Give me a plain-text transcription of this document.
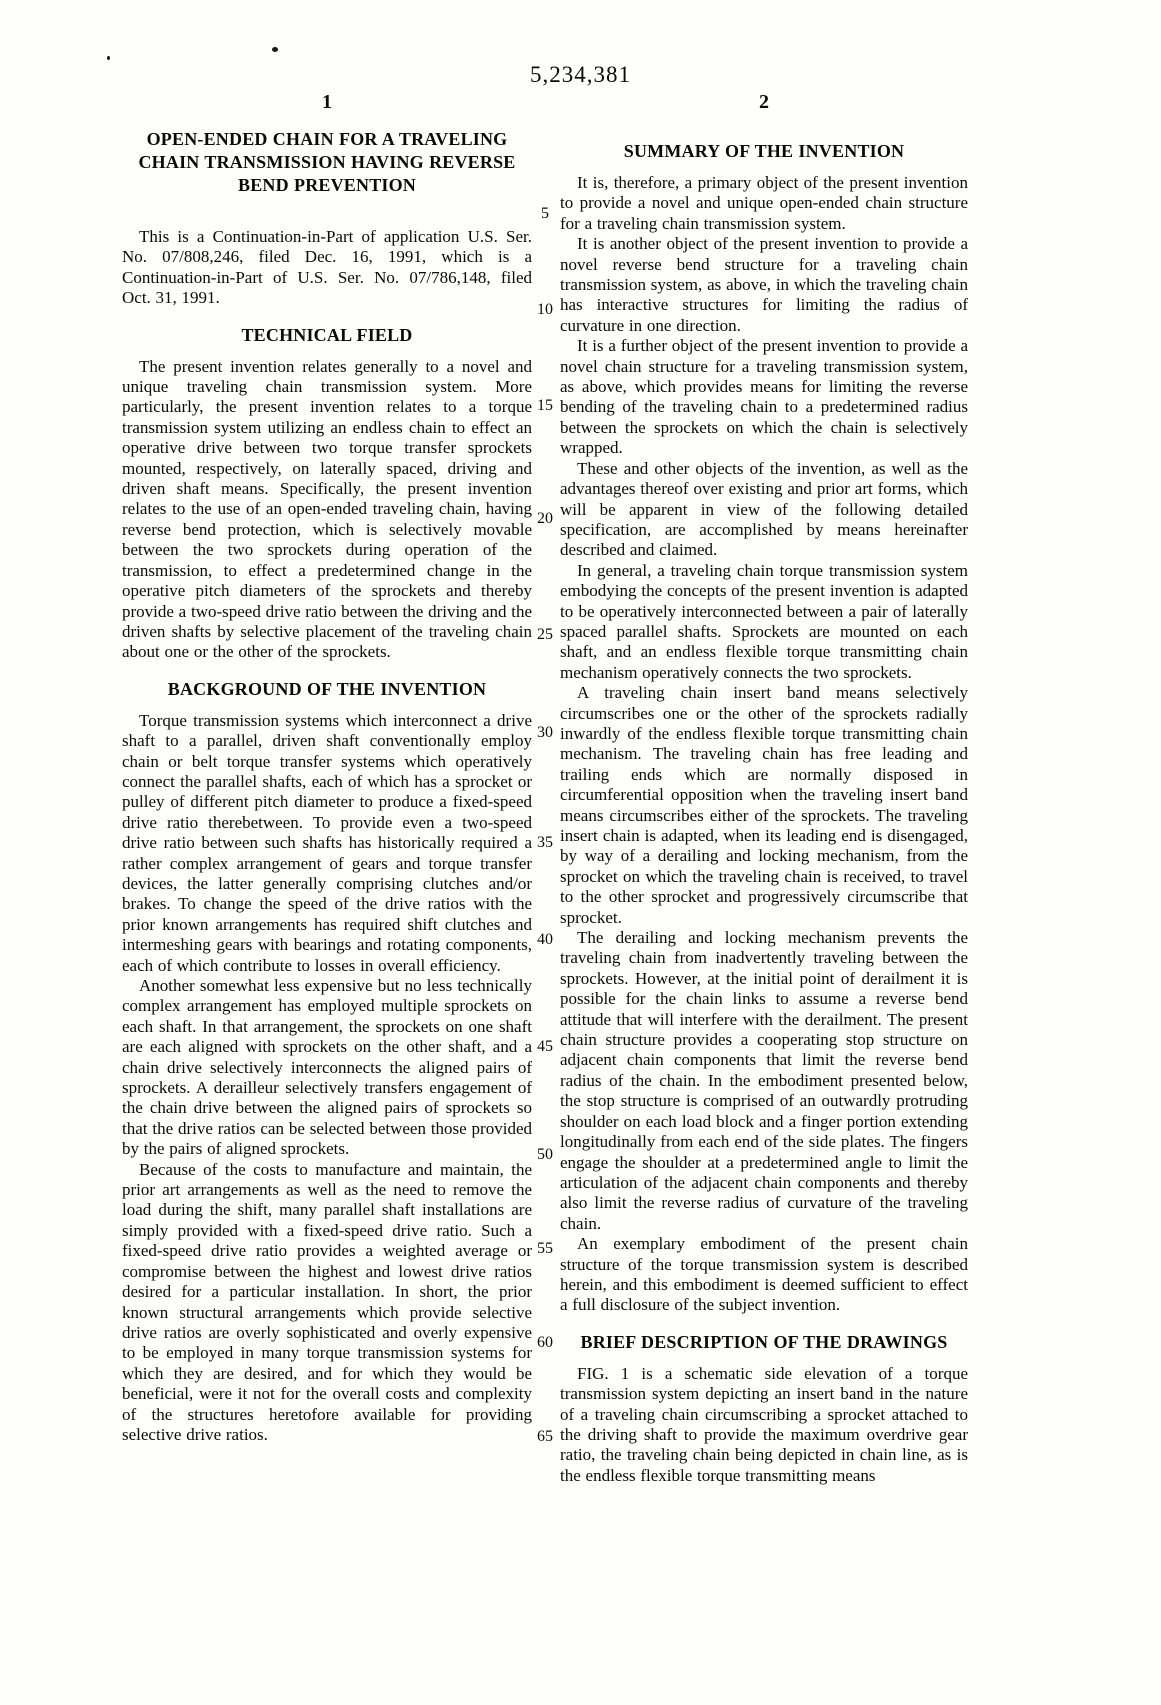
5,234,381
1	2
OPEN-ENDED CHAIN FOR A TRAVELING CHAIN TRANSMISSION HAVING REVERSE BEND PREVENTION
This is a Continuation-in-Part of application U.S. Ser. No. 07/808,246, filed Dec. 16, 1991, which is a Continuation-in-Part of U.S. Ser. No. 07/786,148, filed Oct. 31, 1991.
TECHNICAL FIELD
The present invention relates generally to a novel and unique traveling chain transmission system. More particularly, the present invention relates to a torque transmission system utilizing an endless chain to effect an operative drive between two torque transfer sprockets mounted, respectively, on laterally spaced, driving and driven shaft means. Specifically, the present invention relates to the use of an open-ended traveling chain, having reverse bend protection, which is selectively movable between the two sprockets during operation of the transmission, to effect a predetermined change in the operative pitch diameters of the sprockets and thereby provide a two-speed drive ratio between the driving and the driven shafts by selective placement of the traveling chain about one or the other of the sprockets.
BACKGROUND OF THE INVENTION
Torque transmission systems which interconnect a drive shaft to a parallel, driven shaft conventionally employ chain or belt torque transfer systems which operatively connect the parallel shafts, each of which has a sprocket or pulley of different pitch diameter to produce a fixed-speed drive ratio therebetween. To provide even a two-speed drive ratio between such shafts has historically required a rather complex arrangement of gears and torque transfer devices, the latter generally comprising clutches and/or brakes. To change the speed of the drive ratios with the prior known arrangements has required shift clutches and intermeshing gears with bearings and rotating components, each of which contribute to losses in overall efficiency.
Another somewhat less expensive but no less technically complex arrangement has employed multiple sprockets on each shaft. In that arrangement, the sprockets on one shaft are each aligned with sprockets on the other shaft, and a chain drive selectively interconnects the aligned pairs of sprockets. A derailleur selectively transfers engagement of the chain drive between the aligned pairs of sprockets so that the drive ratios can be selected between those provided by the pairs of aligned sprockets.
Because of the costs to manufacture and maintain, the prior art arrangements as well as the need to remove the load during the shift, many parallel shaft installations are simply provided with a fixed-speed drive ratio. Such a fixed-speed drive ratio provides a weighted average or compromise between the highest and lowest drive ratios desired for a particular installation. In short, the prior known structural arrangements which provide selective drive ratios are overly sophisticated and overly expensive to be employed in many torque transmission systems for which they are desired, and for which they would be beneficial, were it not for the overall costs and complexity of the structures heretofore available for providing selective drive ratios.
SUMMARY OF THE INVENTION
It is, therefore, a primary object of the present invention to provide a novel and unique open-ended chain structure for a traveling chain transmission system.
It is another object of the present invention to provide a novel reverse bend structure for a traveling chain transmission system, as above, in which the traveling chain has interactive structures for limiting the radius of curvature in one direction.
It is a further object of the present invention to provide a novel chain structure for a traveling transmission system, as above, which provides means for limiting the reverse bending of the traveling chain to a predetermined radius between the sprockets on which the chain is selectively wrapped.
These and other objects of the invention, as well as the advantages thereof over existing and prior art forms, which will be apparent in view of the following detailed specification, are accomplished by means hereinafter described and claimed.
In general, a traveling chain torque transmission system embodying the concepts of the present invention is adapted to be operatively interconnected between a pair of laterally spaced parallel shafts. Sprockets are mounted on each shaft, and an endless flexible torque transmitting chain mechanism operatively connects the two sprockets.
A traveling chain insert band means selectively circumscribes one or the other of the sprockets radially inwardly of the endless flexible torque transmitting chain mechanism. The traveling chain has free leading and trailing ends which are normally disposed in circumferential opposition when the traveling insert band means circumscribes either of the sprockets. The traveling insert chain is adapted, when its leading end is disengaged, by way of a derailing and locking mechanism, from the sprocket on which the traveling chain is received, to travel to the other sprocket and progressively circumscribe that sprocket.
The derailing and locking mechanism prevents the traveling chain from inadvertently traveling between the sprockets. However, at the initial point of derailment it is possible for the chain links to assume a reverse bend attitude that will interfere with the derailment. The present chain structure provides a cooperating stop structure on adjacent chain components that limit the reverse bend radius of the chain. In the embodiment presented below, the stop structure is comprised of an outwardly protruding shoulder on each load block and a finger portion extending longitudinally from each end of the side plates. The fingers engage the shoulder at a predetermined angle to limit the articulation of the adjacent chain components and thereby also limit the reverse radius of curvature of the traveling chain.
An exemplary embodiment of the present chain structure of the torque transmission system is described herein, and this embodiment is deemed sufficient to effect a full disclosure of the subject invention.
BRIEF DESCRIPTION OF THE DRAWINGS
FIG. 1 is a schematic side elevation of a torque transmission system depicting an insert band in the nature of a traveling chain circumscribing a sprocket attached to the driving shaft to provide the maximum overdrive gear ratio, the traveling chain being depicted in chain line, as is the endless flexible torque transmitting means
5
10
15
20
25
30
35
40
45
50
55
60
65
